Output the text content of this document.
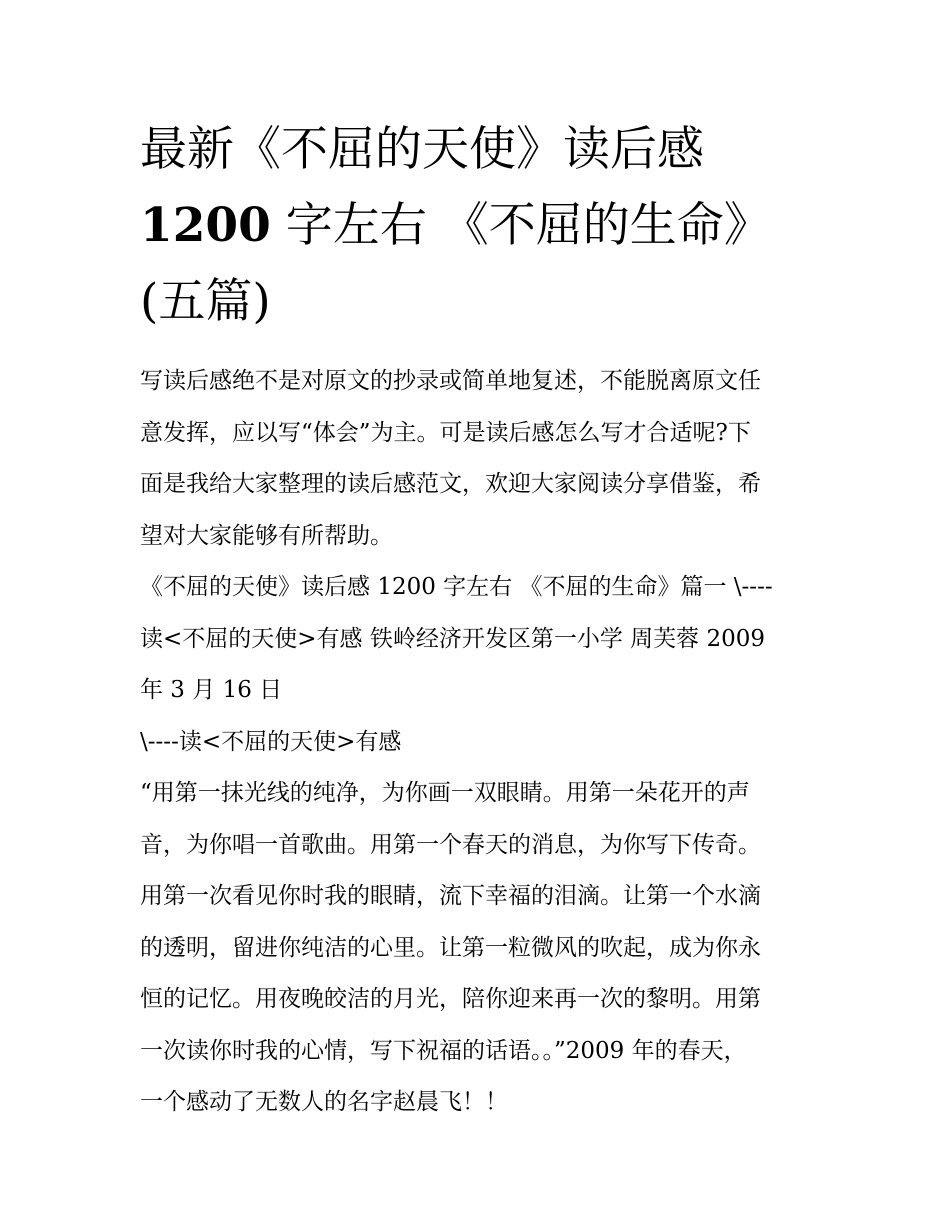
最新《不屈的天使》读后感
1200 字左右 《不屈的生命》
(五篇)
写读后感绝不是对原文的抄录或简单地复述，不能脱离原文任
意发挥，应以写“体会”为主。可是读后感怎么写才合适呢?下
面是我给大家整理的读后感范文，欢迎大家阅读分享借鉴，希
望对大家能够有所帮助。
《不屈的天使》读后感 1200 字左右 《不屈的生命》篇一 \----
读<不屈的天使>有感 铁岭经济开发区第一小学 周芙蓉 2009
年 3 月 16 日
\----读<不屈的天使>有感
“用第一抹光线的纯净，为你画一双眼睛。用第一朵花开的声
音，为你唱一首歌曲。用第一个春天的消息，为你写下传奇。
用第一次看见你时我的眼睛，流下幸福的泪滴。让第一个水滴
的透明，留进你纯洁的心里。让第一粒微风的吹起，成为你永
恒的记忆。用夜晚皎洁的月光，陪你迎来再一次的黎明。用第
一次读你时我的心情，写下祝福的话语。。”2009 年的春天，
一个感动了无数人的名字赵晨飞！！
